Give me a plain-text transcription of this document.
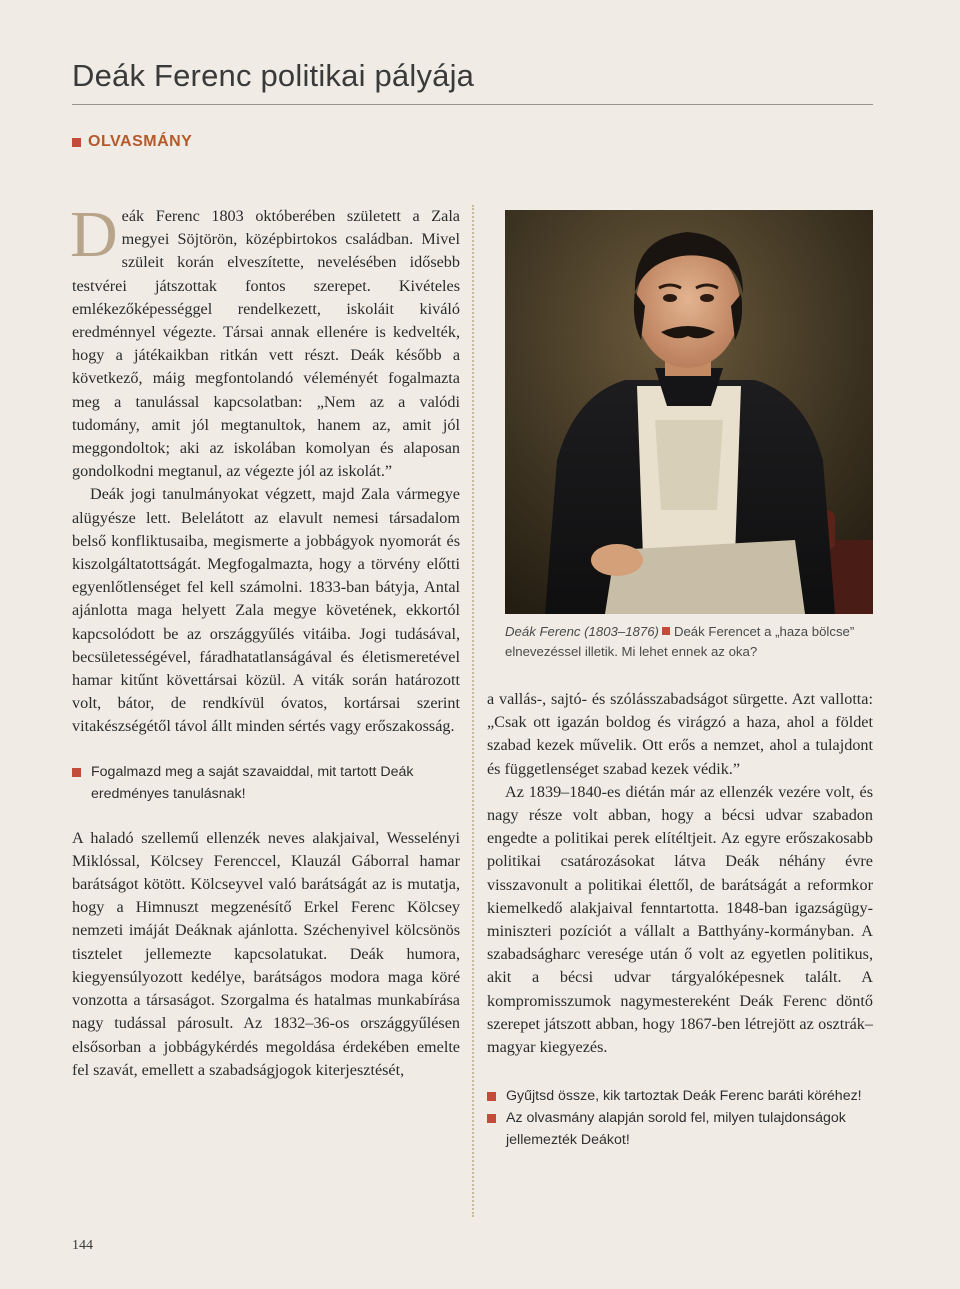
Deák Ferenc politikai pályája
OLVASMÁNY

Deák Ferenc 1803 októberében született a Zala megyei Söjtörön, középbirtokos családban. Mivel szüleit korán elveszítette, nevelésében idősebb testvérei játszottak fontos szerepet. Kivételes emlékezőképességgel rendelkezett, iskoláit kiváló eredménnyel végezte. Társai annak ellenére is kedvelték, hogy a játékaikban ritkán vett részt. Deák később a következő, máig megfontolandó véleményét fogalmazta meg a tanulással kapcsolatban: „Nem az a valódi tudomány, amit jól megtanultok, hanem az, amit jól meggondoltok; aki az iskolában komolyan és alaposan gondolkodni megtanul, az végezte jól az iskolát.”

Deák jogi tanulmányokat végzett, majd Zala vármegye alügyésze lett. Belelátott az elavult nemesi társadalom belső konfliktusaiba, megismerte a jobbágyok nyomorát és kiszolgáltatottságát. Megfogalmazta, hogy a törvény előtti egyenlőtlenséget fel kell számolni. 1833-ban bátyja, Antal ajánlotta maga helyett Zala megye követének, ekkortól kapcsolódott be az országgyűlés vitáiba. Jogi tudásával, becsületességével, fáradhatatlanságával és életismeretével hamar kitűnt követtársai közül. A viták során határozott volt, bátor, de rendkívül óvatos, kortársai szerint vitakészségétől távol állt minden sértés vagy erőszakosság.

Fogalmazd meg a saját szavaiddal, mit tartott Deák eredményes tanulásnak!

A haladó szellemű ellenzék neves alakjaival, Wesselényi Miklóssal, Kölcsey Ferenccel, Klauzál Gáborral hamar barátságot kötött. Kölcseyvel való barátságát az is mutatja, hogy a Himnuszt megzenésítő Erkel Ferenc Kölcsey nemzeti imáját Deáknak ajánlotta. Széchenyivel kölcsönös tisztelet jellemezte kapcsolatukat. Deák humora, kiegyensúlyozott kedélye, barátságos modora maga köré vonzotta a társaságot. Szorgalma és hatalmas munkabírása nagy tudással párosult. Az 1832–36-os országgyűlésen elsősorban a jobbágykérdés megoldása érdekében emelte fel szavát, emellett a szabadságjogok kiterjesztését,

Deák Ferenc (1803–1876) Deák Ferencet a „haza bölcse” elnevezéssel illetik. Mi lehet ennek az oka?

a vallás-, sajtó- és szólásszabadságot sürgette. Azt vallotta: „Csak ott igazán boldog és virágzó a haza, ahol a földet szabad kezek művelik. Ott erős a nemzet, ahol a tulajdont és függetlenséget szabad kezek védik.”

Az 1839–1840-es diétán már az ellenzék vezére volt, és nagy része volt abban, hogy a bécsi udvar szabadon engedte a politikai perek elítéltjeit. Az egyre erőszakosabb politikai csatározásokat látva Deák néhány évre visszavonult a politikai élettől, de barátságát a reformkor kiemelkedő alakjaival fenntartotta. 1848-ban igazságügy-miniszteri pozíciót a vállalt a Batthyány-kormányban. A szabadságharc veresége után ő volt az egyetlen politikus, akit a bécsi udvar tárgyalóképesnek talált. A kompromisszumok nagymestereként Deák Ferenc döntő szerepet játszott abban, hogy 1867-ben létrejött az osztrák–magyar kiegyezés.

Gyűjtsd össze, kik tartoztak Deák Ferenc baráti köréhez!
Az olvasmány alapján sorold fel, milyen tulajdonságok jellemezték Deákot!
144
